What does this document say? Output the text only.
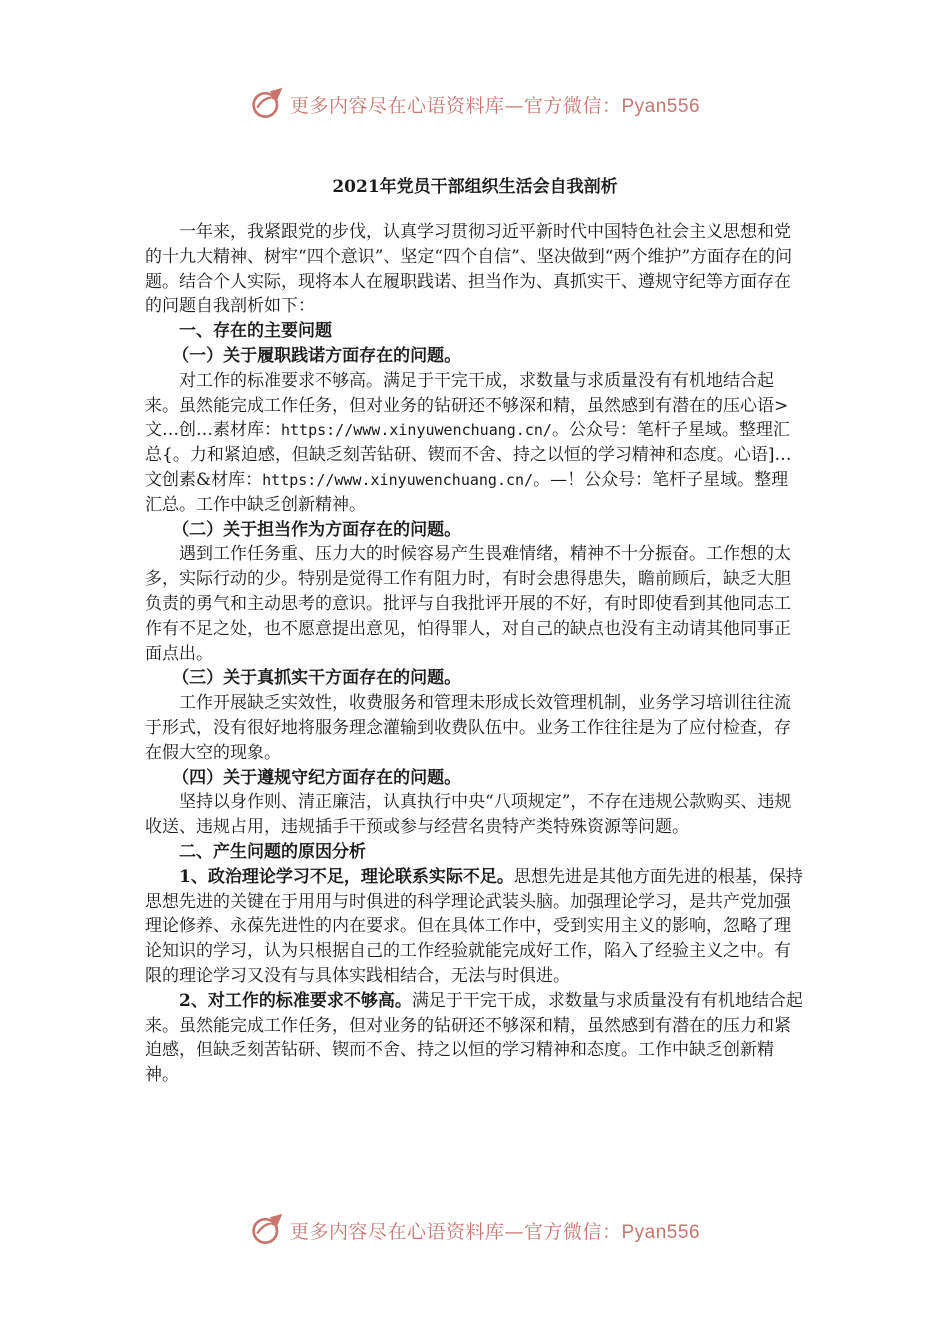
更多内容尽在心语资料库—官方微信：Pyan556
2021年党员干部组织生活会自我剖析

一年来，我紧跟党的步伐，认真学习贯彻习近平新时代中国特色社会主义思想和党的十九大精神、树牢“四个意识”、坚定“四个自信”、坚决做到“两个维护”方面存在的问题。结合个人实际，现将本人在履职践诺、担当作为、真抓实干、遵规守纪等方面存在的问题自我剖析如下：

一、存在的主要问题

（一）关于履职践诺方面存在的问题。

对工作的标准要求不够高。满足于干完干成，求数量与求质量没有有机地结合起来。虽然能完成工作任务，但对业务的钻研还不够深和精，虽然感到有潜在的压心语>文…创…素材库：https://www.xinyuwenchuang.cn/。公众号：笔杆子星域。整理汇总{。力和紧迫感，但缺乏刻苦钻研、锲而不舍、持之以恒的学习精神和态度。心语]…文创素&材库：https://www.xinyuwenchuang.cn/。—！公众号：笔杆子星域。整理汇总。工作中缺乏创新精神。

（二）关于担当作为方面存在的问题。

遇到工作任务重、压力大的时候容易产生畏难情绪，精神不十分振奋。工作想的太多，实际行动的少。特别是觉得工作有阻力时，有时会患得患失，瞻前顾后，缺乏大胆负责的勇气和主动思考的意识。批评与自我批评开展的不好，有时即使看到其他同志工作有不足之处，也不愿意提出意见，怕得罪人，对自己的缺点也没有主动请其他同事正面点出。

（三）关于真抓实干方面存在的问题。

工作开展缺乏实效性，收费服务和管理未形成长效管理机制，业务学习培训往往流于形式，没有很好地将服务理念灌输到收费队伍中。业务工作往往是为了应付检查，存在假大空的现象。

（四）关于遵规守纪方面存在的问题。

坚持以身作则、清正廉洁，认真执行中央“八项规定”，不存在违规公款购买、违规收送、违规占用，违规插手干预或参与经营名贵特产类特殊资源等问题。

二、产生问题的原因分析

1、政治理论学习不足，理论联系实际不足。思想先进是其他方面先进的根基，保持思想先进的关键在于用用与时俱进的科学理论武装头脑。加强理论学习，是共产党加强理论修养、永葆先进性的内在要求。但在具体工作中，受到实用主义的影响，忽略了理论知识的学习，认为只根据自己的工作经验就能完成好工作，陷入了经验主义之中。有限的理论学习又没有与具体实践相结合，无法与时俱进。

2、对工作的标准要求不够高。满足于干完干成，求数量与求质量没有有机地结合起来。虽然能完成工作任务，但对业务的钻研还不够深和精，虽然感到有潜在的压力和紧迫感，但缺乏刻苦钻研、锲而不舍、持之以恒的学习精神和态度。工作中缺乏创新精神。

更多内容尽在心语资料库—官方微信：Pyan556
